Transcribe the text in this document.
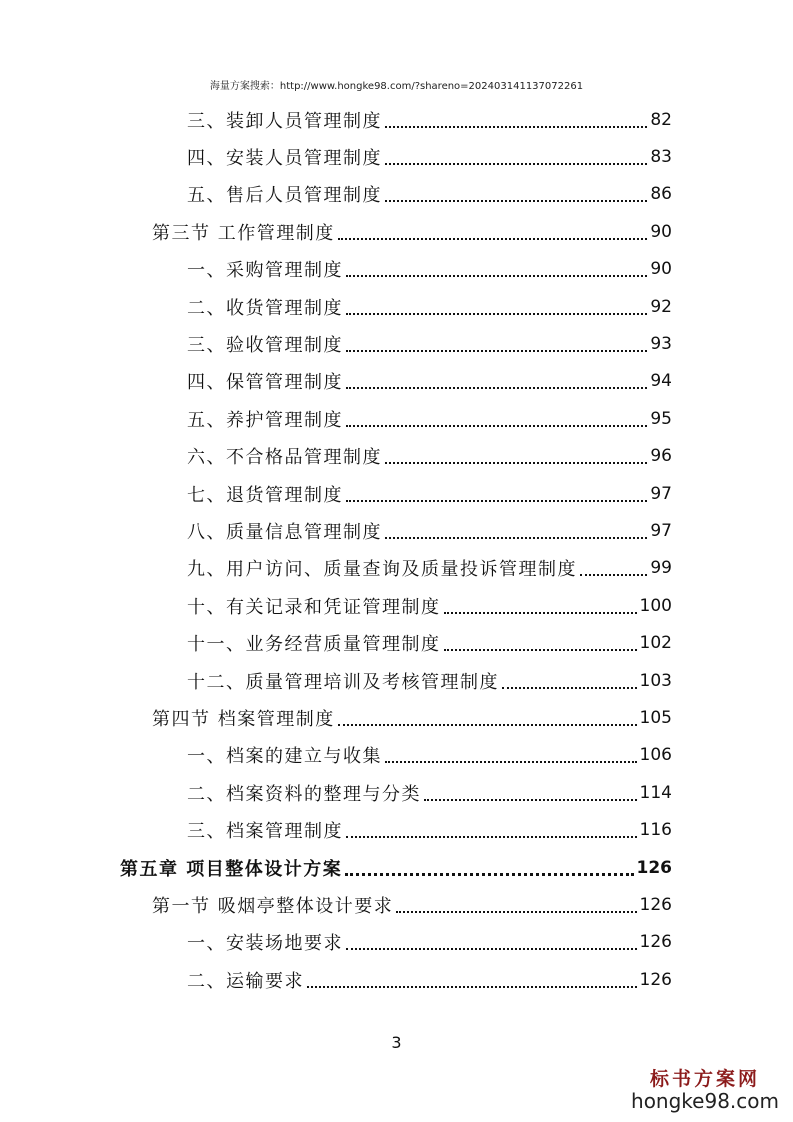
海量方案搜索：http://www.hongke98.com/?shareno=20240314113707226​1
三、装卸人员管理制度	82
四、安装人员管理制度	83
五、售后人员管理制度	86
第三节 工作管理制度	90
一、采购管理制度	90
二、收货管理制度	92
三、验收管理制度	93
四、保管管理制度	94
五、养护管理制度	95
六、不合格品管理制度	96
七、退货管理制度	97
八、质量信息管理制度	97
九、用户访问、质量查询及质量投诉管理制度	99
十、有关记录和凭证管理制度	100
十一、业务经营质量管理制度	102
十二、质量管理培训及考核管理制度	103
第四节 档案管理制度	105
一、档案的建立与收集	106
二、档案资料的整理与分类	114
三、档案管理制度	116
第五章 项目整体设计方案	126
第一节 吸烟亭整体设计要求	126
一、安装场地要求	126
二、运输要求	126
3
标书方案网
hongke98.com
